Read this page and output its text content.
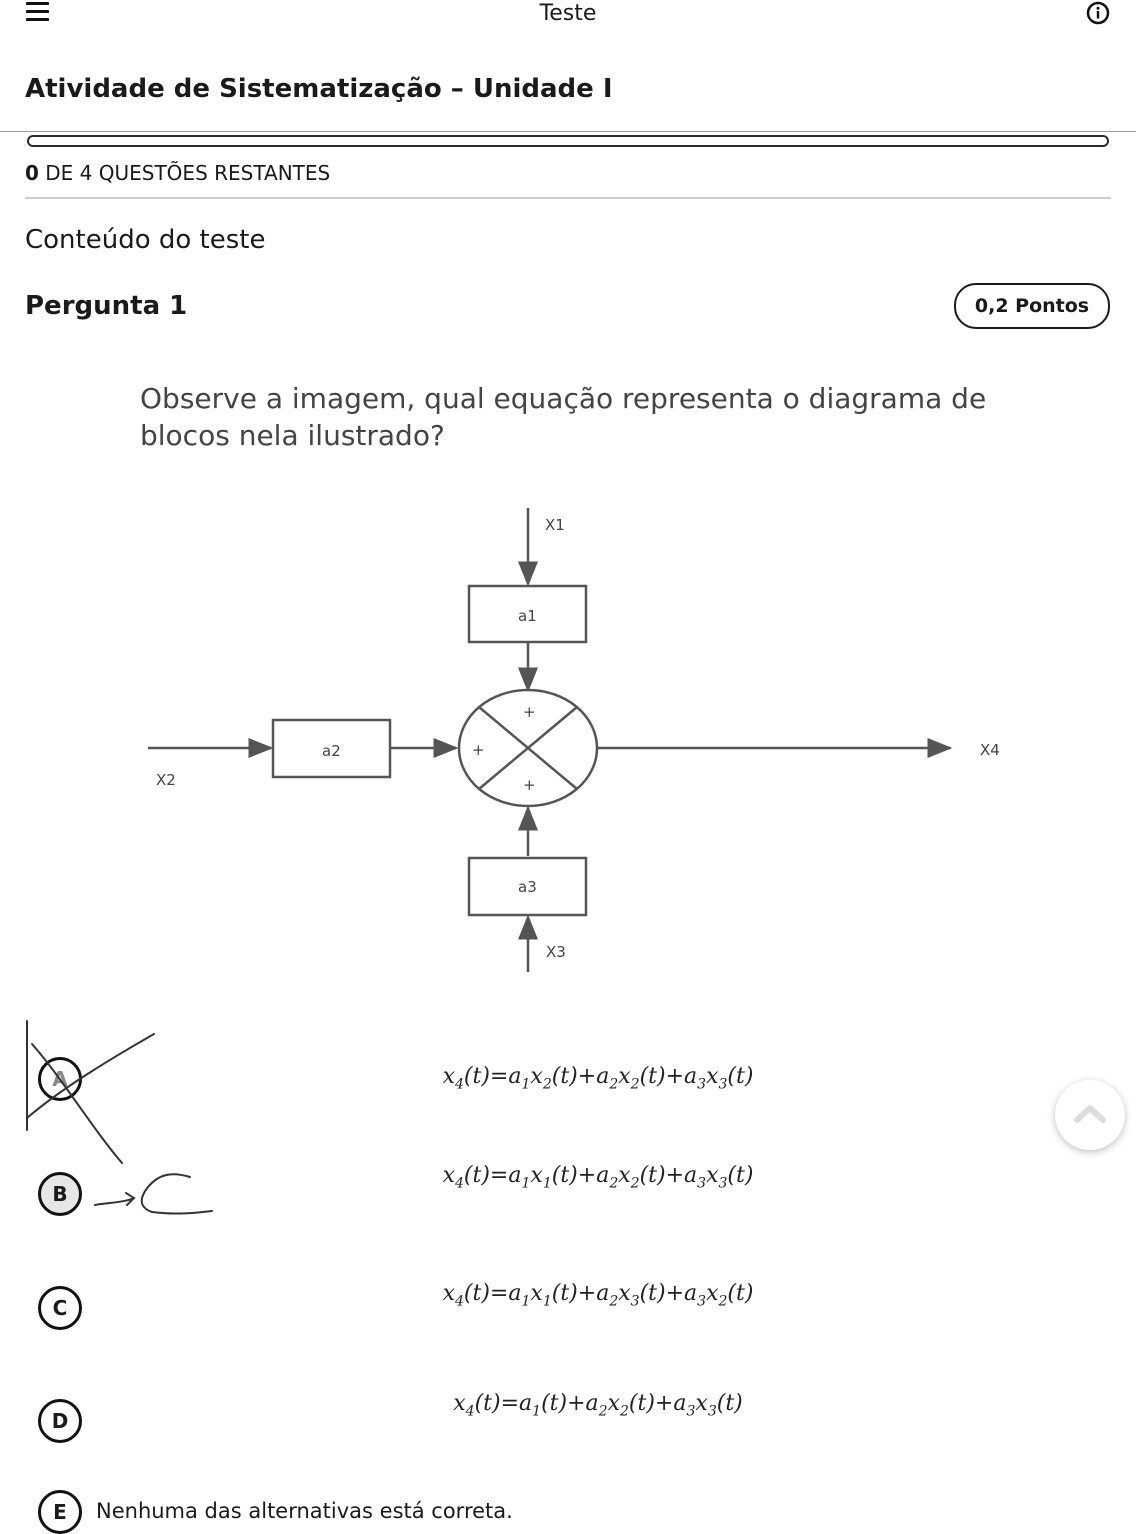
Teste
Atividade de Sistematização – Unidade I
0 DE 4 QUESTÕES RESTANTES
Conteúdo do teste
Pergunta 1	0,2 Pontos

Observe a imagem, qual equação representa o diagrama de blocos nela ilustrado?

X1
X2
X3
X4
a1
a2
a3
+
+
+
A	$x_4(t)=a_1x_2(t)+a_2x_2(t)+a_3x_3(t)$
B
$x_4(t)=a_1x_1(t)+a_2x_2(t)+a_3x_3(t)$
C
$x_4(t)=a_1x_1(t)+a_2x_3(t)+a_3x_2(t)$
D
$x_4(t)=a_1(t)+a_2x_2(t)+a_3x_3(t)$
E	Nenhuma das alternativas está correta.
